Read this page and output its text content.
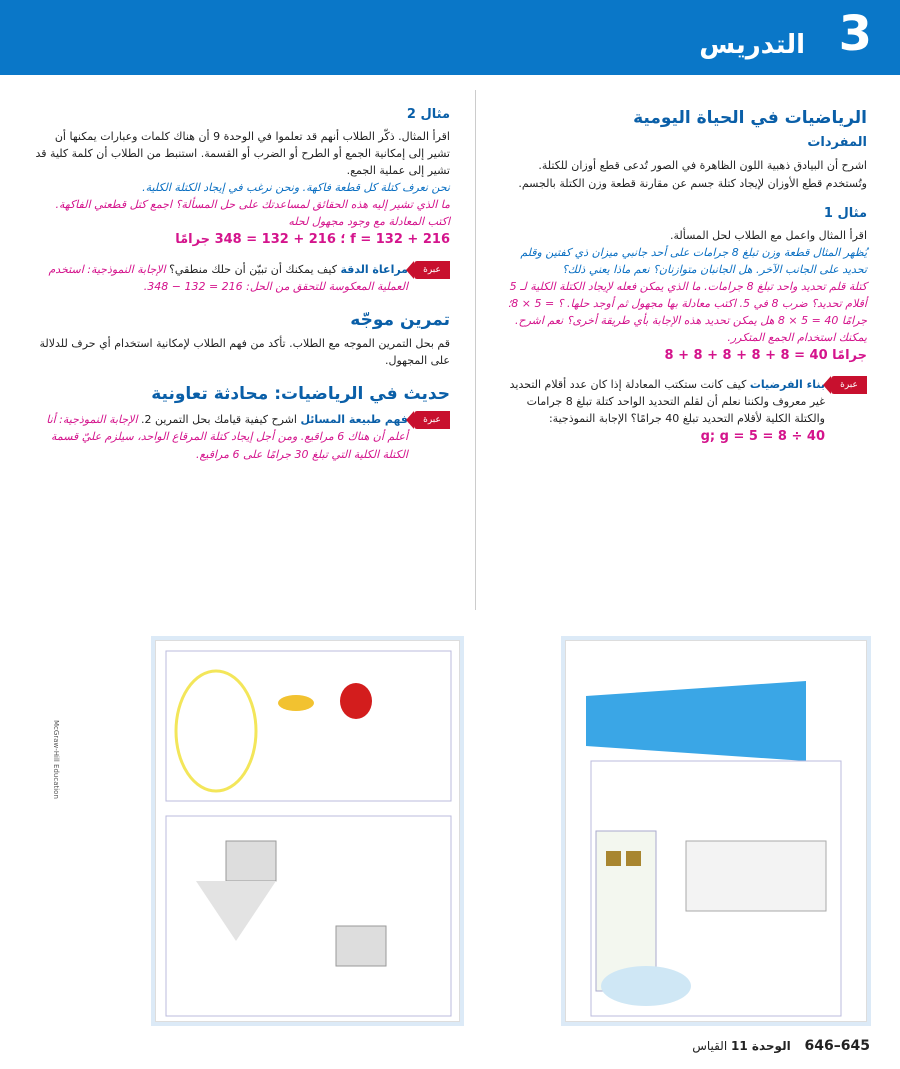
التدريس 3
الرياضيات في الحياة اليومية
المفردات
اشرح أن البيادق ذهبية اللون الظاهرة في الصور تُدعى قطع أوزان للكتلة. وتُستخدم قطع الأوزان لإيجاد كتلة جسم عن مقارنة قطعة وزن الكتلة بالجسم.
مثال 1
اقرأ المثال واعمل مع الطلاب لحل المسألة.
يُظهر المثال قطعة وزن تبلغ 8 جرامات على أحد جانبي ميزان ذي كفتين وقلم تحديد على الجانب الآخر. هل الجانبان متوازنان؟ نعم ماذا يعني ذلك؟
كتلة قلم تحديد واحد تبلغ 8 جرامات. ما الذي يمكن فعله لإيجاد الكتلة الكلية لـ 5 أقلام تحديد؟ ضرب 8 في 5. اكتب معادلة بها مجهول ثم أوجد حلها. ؟ = 5 × 8؛ جرامًا 40 = 5 × 8 هل يمكن تحديد هذه الإجابة بأي طريقة أخرى؟ نعم اشرح. يمكنك استخدام الجمع المتكرر.
جرامًا 40 = 8 + 8 + 8 + 8 + 8
عبرة
بناء الفرضيات كيف كانت ستكتب المعادلة إذا كان عدد أقلام التحديد غير معروف ولكننا نعلم أن لقلم التحديد الواحد كتلة تبلغ 8 جرامات والكتلة الكلية لأقلام التحديد تبلغ 40 جرامًا؟ الإجابة النموذجية:
40 ÷ 8 = g; g = 5
مثال 2
اقرأ المثال. ذكّر الطلاب أنهم قد تعلموا في الوحدة 9 أن هناك كلمات وعبارات يمكنها أن تشير إلى إمكانية الجمع أو الطرح أو الضرب أو القسمة. استنبط من الطلاب أن كلمة كلية قد تشير إلى عملية الجمع.
نحن نعرف كتلة كل قطعة فاكهة. ونحن نرغب في إيجاد الكتلة الكلية.
ما الذي تشير إليه هذه الحقائق لمساعدتك على حل المسألة؟ اجمع كتل قطعتي الفاكهة. اكتب المعادلة مع وجود مجهول لحله
216 + 132 = f ؛ 216 + 132 = 348 جرامًا
عبرة
مراعاة الدقة كيف يمكنك أن تبيّن أن حلك منطقي؟ الإجابة النموذجية: استخدم العملية المعكوسة للتحقق من الحل: 216 = 132 − 348.
تمرين موجّه
قم بحل التمرين الموجه مع الطلاب. تأكد من فهم الطلاب لإمكانية استخدام أي حرف للدلالة على المجهول.
حديث في الرياضيات: محادثة تعاونية
عبرة
فهم طبيعة المسائل اشرح كيفية قيامك بحل التمرين 2. الإجابة النموذجية: أنا أعلم أن هناك 6 مراقيع. ومن أجل إيجاد كتلة المرقاع الواحد، سيلزم عليّ قسمة الكتلة الكلية التي تبلغ 30 جرامًا على 6 مراقيع.
McGraw-Hill Education
645–646 الوحدة 11 القياس
